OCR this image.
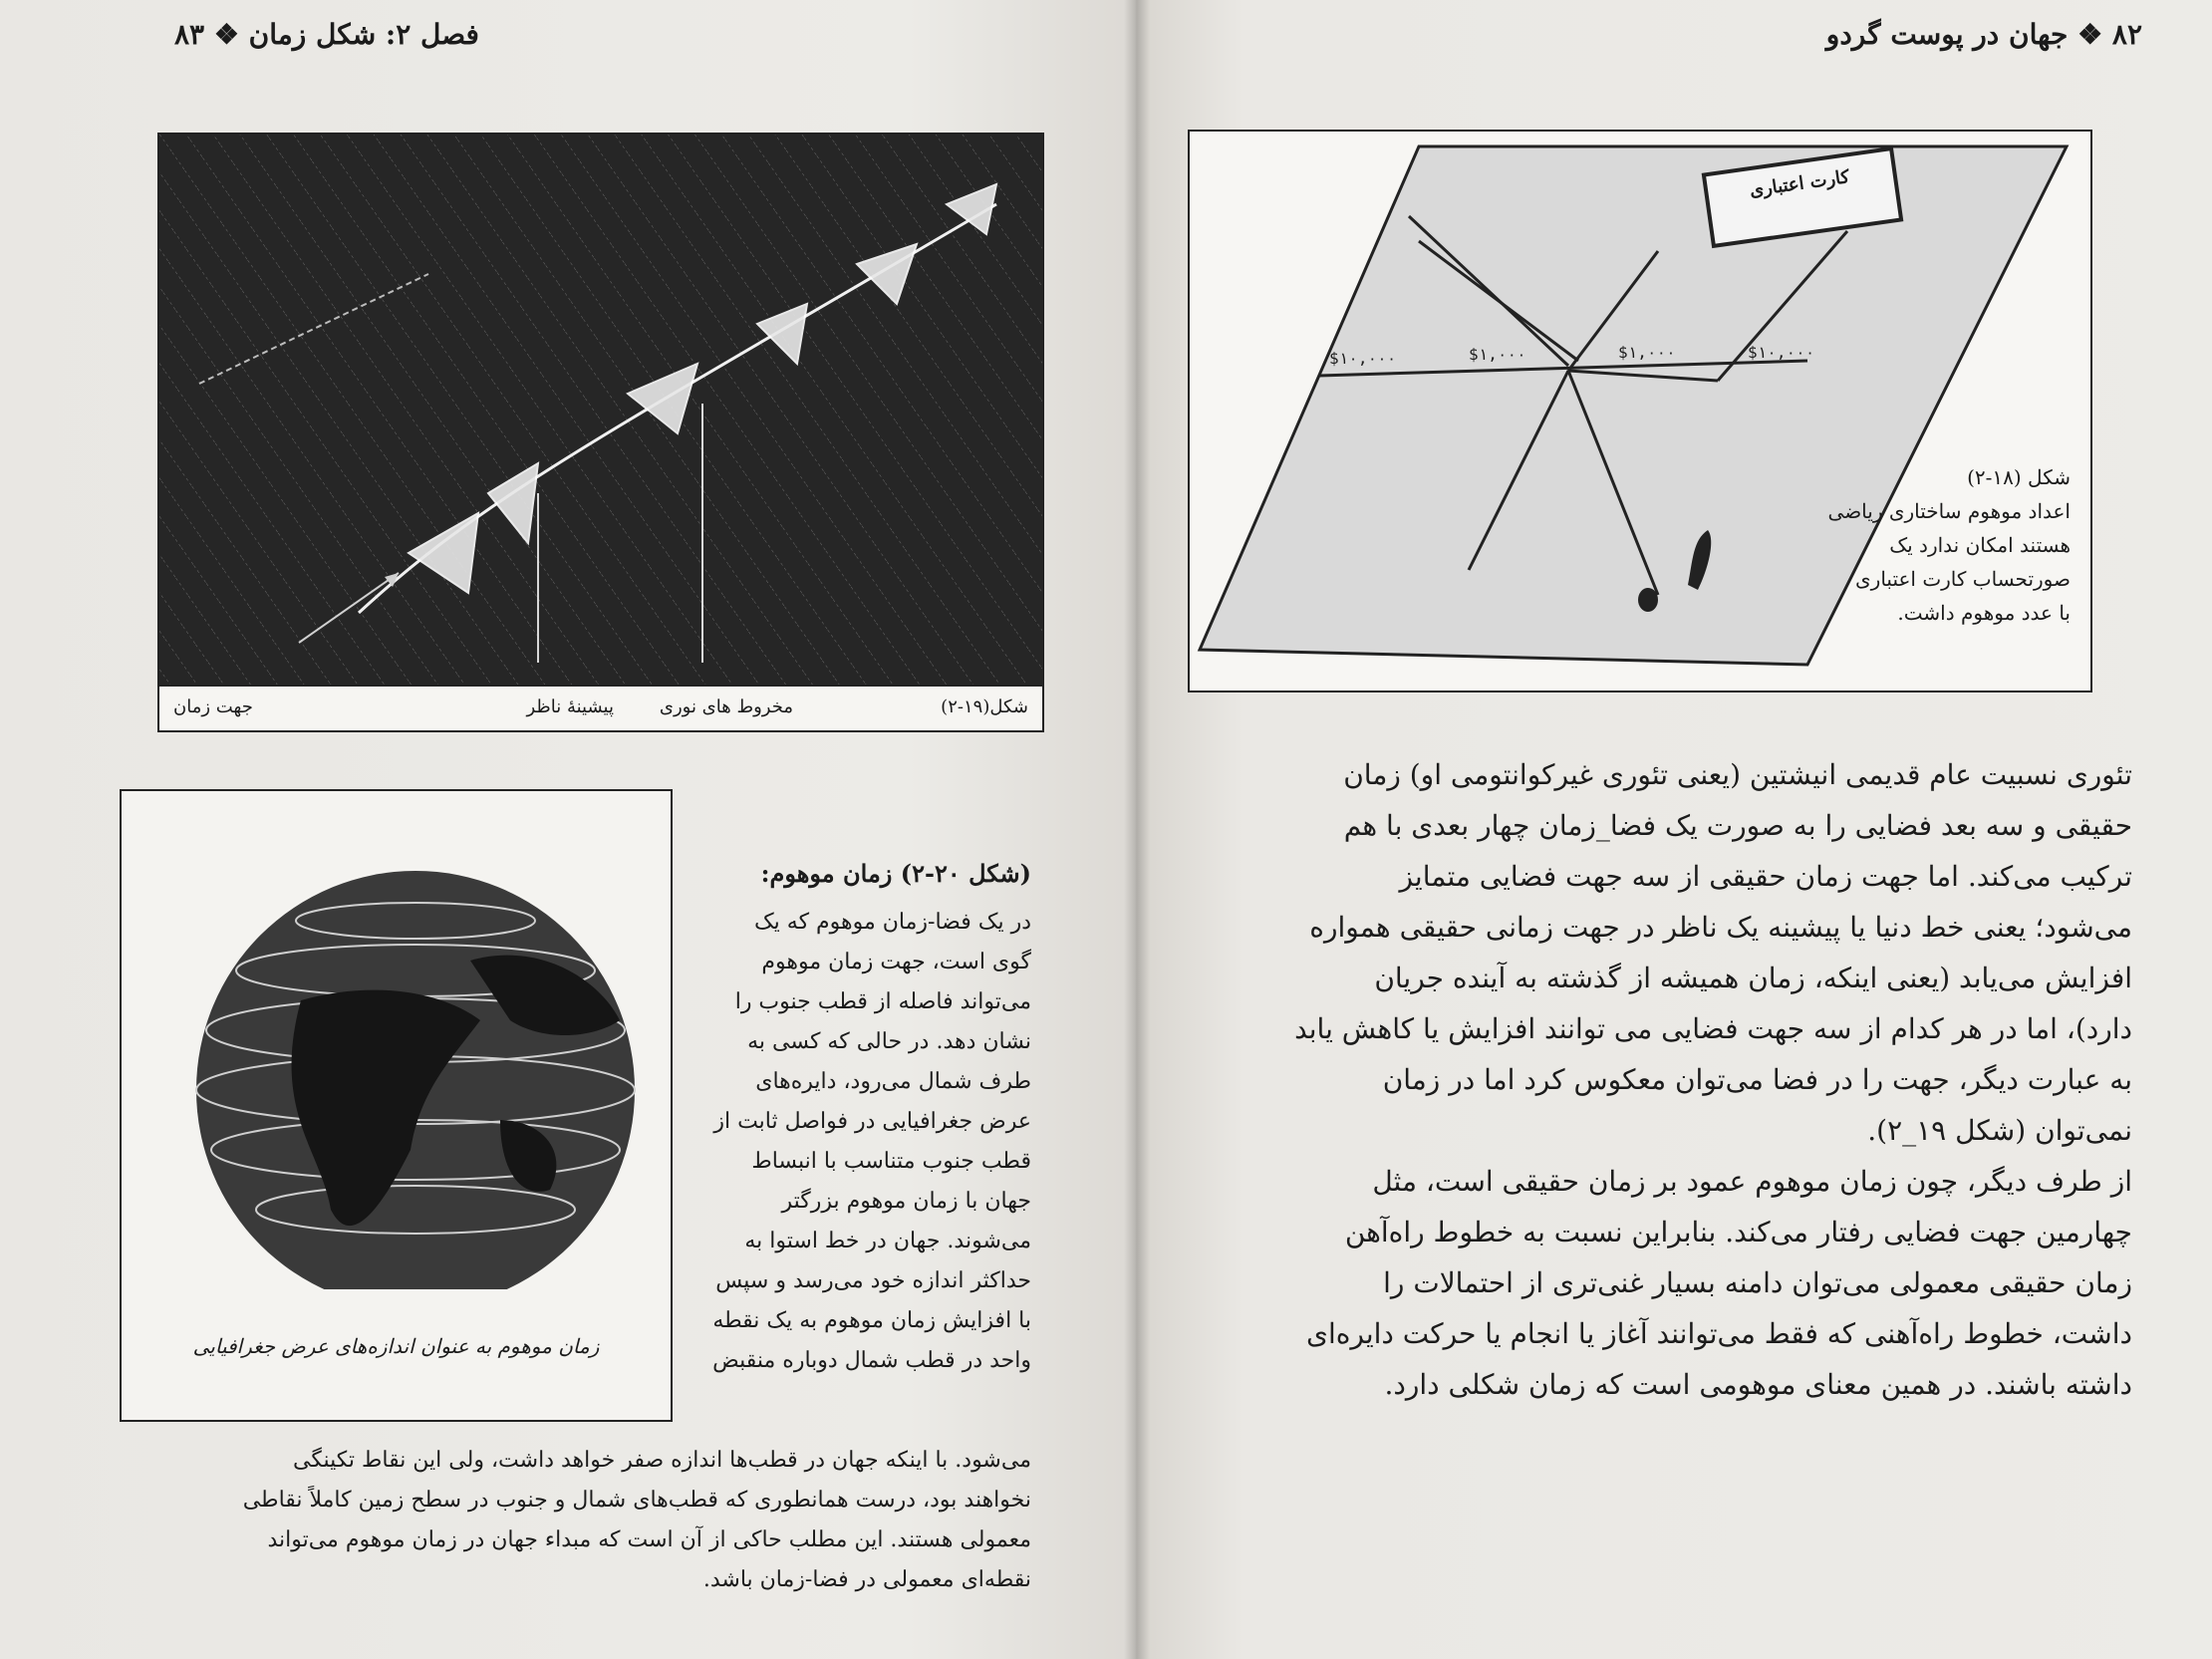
فصل ۲: شکل زمان ❖ ۸۳
شکل(۱۹-۲)
مخروط های نوری
پیشینهٔ ناظر
جهت زمان
زمان موهوم به عنوان اندازه‌های عرض جغرافیایی
(شکل ۲۰-۲) زمان موهوم:
در یک فضا-زمان موهوم که یک
گوی است، جهت زمان موهوم
می‌تواند فاصله از قطب جنوب را
نشان دهد. در حالی که کسی به
طرف شمال می‌رود، دایره‌های
عرض جغرافیایی در فواصل ثابت از
قطب جنوب متناسب با انبساط
جهان با زمان موهوم بزرگتر
می‌شوند. جهان در خط استوا به
حداکثر اندازه خود می‌رسد و سپس
با افزایش زمان موهوم به یک نقطه
واحد در قطب شمال دوباره منقبض
می‌شود. با اینکه جهان در قطب‌ها اندازه صفر خواهد داشت، ولی این نقاط تکینگی
نخواهند بود، درست همانطوری که قطب‌های شمال و جنوب در سطح زمین کاملاً نقاطی
معمولی هستند. این مطلب حاکی از آن است که مبداء جهان در زمان موهوم می‌تواند
نقطه‌ای معمولی در فضا-زمان باشد.
۸۲ ❖ جهان در پوست گردو
کارت اعتباری
$۱۰,۰۰۰	$۱,۰۰۰	$۱,۰۰۰	$۱۰,۰۰۰
شکل (۱۸-۲)
اعداد موهوم ساختاری ریاضی
هستند امکان ندارد یک
صورتحساب کارت اعتباری
با عدد موهوم داشت.
تئوری نسبیت عام قدیمی انیشتین (یعنی تئوری غیرکوانتومی او) زمان
حقیقی و سه بعد فضایی را به صورت یک فضا_زمان چهار بعدی با هم
ترکیب می‌کند. اما جهت زمان حقیقی از سه جهت فضایی متمایز
می‌شود؛ یعنی خط دنیا یا پیشینه یک ناظر در جهت زمانی حقیقی همواره
افزایش می‌یابد (یعنی اینکه، زمان همیشه از گذشته به آینده جریان
دارد)، اما در هر کدام از سه جهت فضایی می توانند افزایش یا کاهش یابد
به عبارت دیگر، جهت را در فضا می‌توان معکوس کرد اما در زمان
نمی‌توان (شکل ۱۹_۲).
از طرف دیگر، چون زمان موهوم عمود بر زمان حقیقی است، مثل
چهارمین جهت فضایی رفتار می‌کند. بنابراین نسبت به خطوط راه‌آهن
زمان حقیقی معمولی می‌توان دامنه بسیار غنی‌تری از احتمالات را
داشت، خطوط راه‌آهنی که فقط می‌توانند آغاز یا انجام یا حرکت دایره‌ای
داشته باشند. در همین معنای موهومی است که زمان شکلی دارد.
